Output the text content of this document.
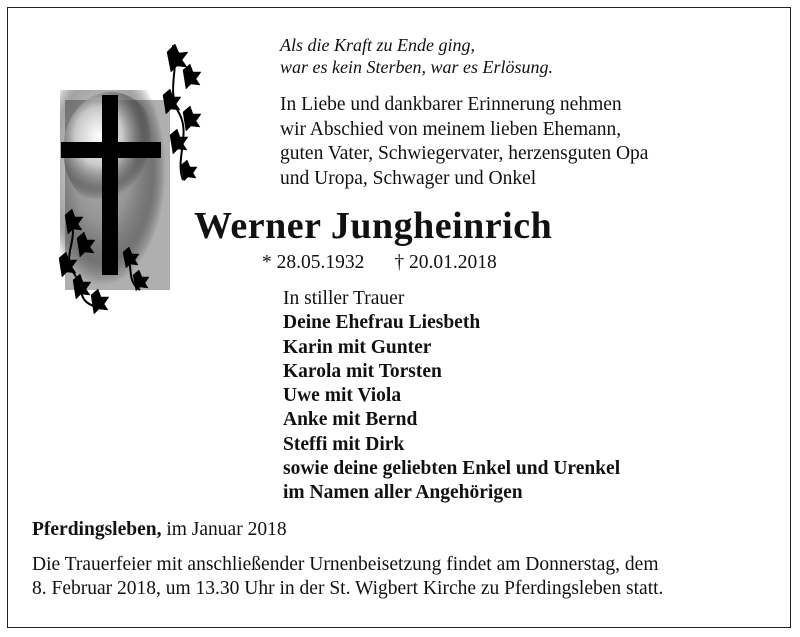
Als die Kraft zu Ende ging,
war es kein Sterben, war es Erlösung.
In Liebe und dankbarer Erinnerung nehmen
wir Abschied von meinem lieben Ehemann,
guten Vater, Schwiegervater, herzensguten Opa
und Uropa, Schwager und Onkel
Werner Jungheinrich
* 28.05.1932 † 20.01.2018
In stiller Trauer
Deine Ehefrau Liesbeth
Karin mit Gunter
Karola mit Torsten
Uwe mit Viola
Anke mit Bernd
Steffi mit Dirk
sowie deine geliebten Enkel und Urenkel
im Namen aller Angehörigen
Pferdingsleben, im Januar 2018
Die Trauerfeier mit anschließender Urnenbeisetzung findet am Donnerstag, dem
8. Februar 2018, um 13.30 Uhr in der St. Wigbert Kirche zu Pferdingsleben statt.
